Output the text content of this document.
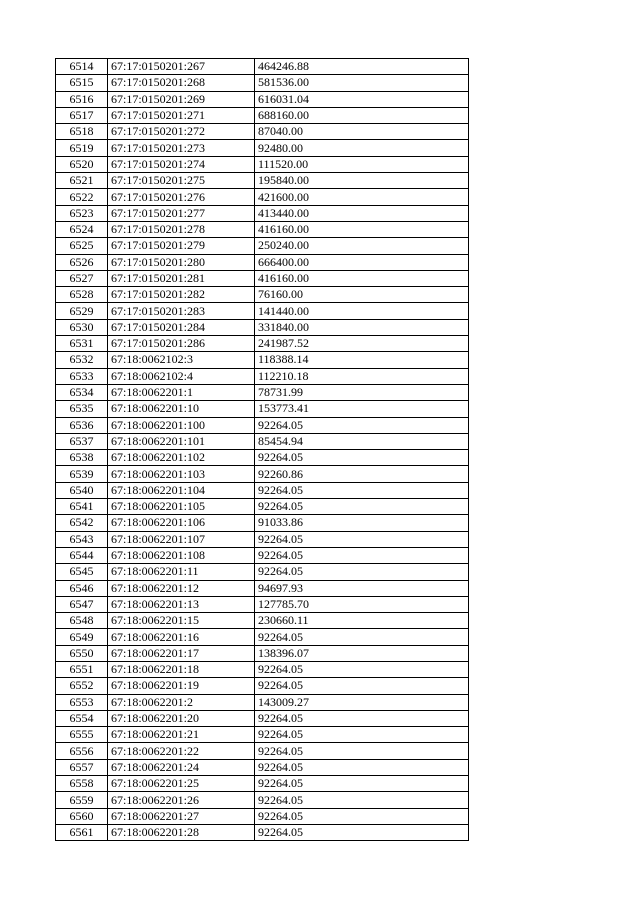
6514	67:17:0150201:267	464246.88
6515	67:17:0150201:268	581536.00
6516	67:17:0150201:269	616031.04
6517	67:17:0150201:271	688160.00
6518	67:17:0150201:272	87040.00
6519	67:17:0150201:273	92480.00
6520	67:17:0150201:274	111520.00
6521	67:17:0150201:275	195840.00
6522	67:17:0150201:276	421600.00
6523	67:17:0150201:277	413440.00
6524	67:17:0150201:278	416160.00
6525	67:17:0150201:279	250240.00
6526	67:17:0150201:280	666400.00
6527	67:17:0150201:281	416160.00
6528	67:17:0150201:282	76160.00
6529	67:17:0150201:283	141440.00
6530	67:17:0150201:284	331840.00
6531	67:17:0150201:286	241987.52
6532	67:18:0062102:3	118388.14
6533	67:18:0062102:4	112210.18
6534	67:18:0062201:1	78731.99
6535	67:18:0062201:10	153773.41
6536	67:18:0062201:100	92264.05
6537	67:18:0062201:101	85454.94
6538	67:18:0062201:102	92264.05
6539	67:18:0062201:103	92260.86
6540	67:18:0062201:104	92264.05
6541	67:18:0062201:105	92264.05
6542	67:18:0062201:106	91033.86
6543	67:18:0062201:107	92264.05
6544	67:18:0062201:108	92264.05
6545	67:18:0062201:11	92264.05
6546	67:18:0062201:12	94697.93
6547	67:18:0062201:13	127785.70
6548	67:18:0062201:15	230660.11
6549	67:18:0062201:16	92264.05
6550	67:18:0062201:17	138396.07
6551	67:18:0062201:18	92264.05
6552	67:18:0062201:19	92264.05
6553	67:18:0062201:2	143009.27
6554	67:18:0062201:20	92264.05
6555	67:18:0062201:21	92264.05
6556	67:18:0062201:22	92264.05
6557	67:18:0062201:24	92264.05
6558	67:18:0062201:25	92264.05
6559	67:18:0062201:26	92264.05
6560	67:18:0062201:27	92264.05
6561	67:18:0062201:28	92264.05
